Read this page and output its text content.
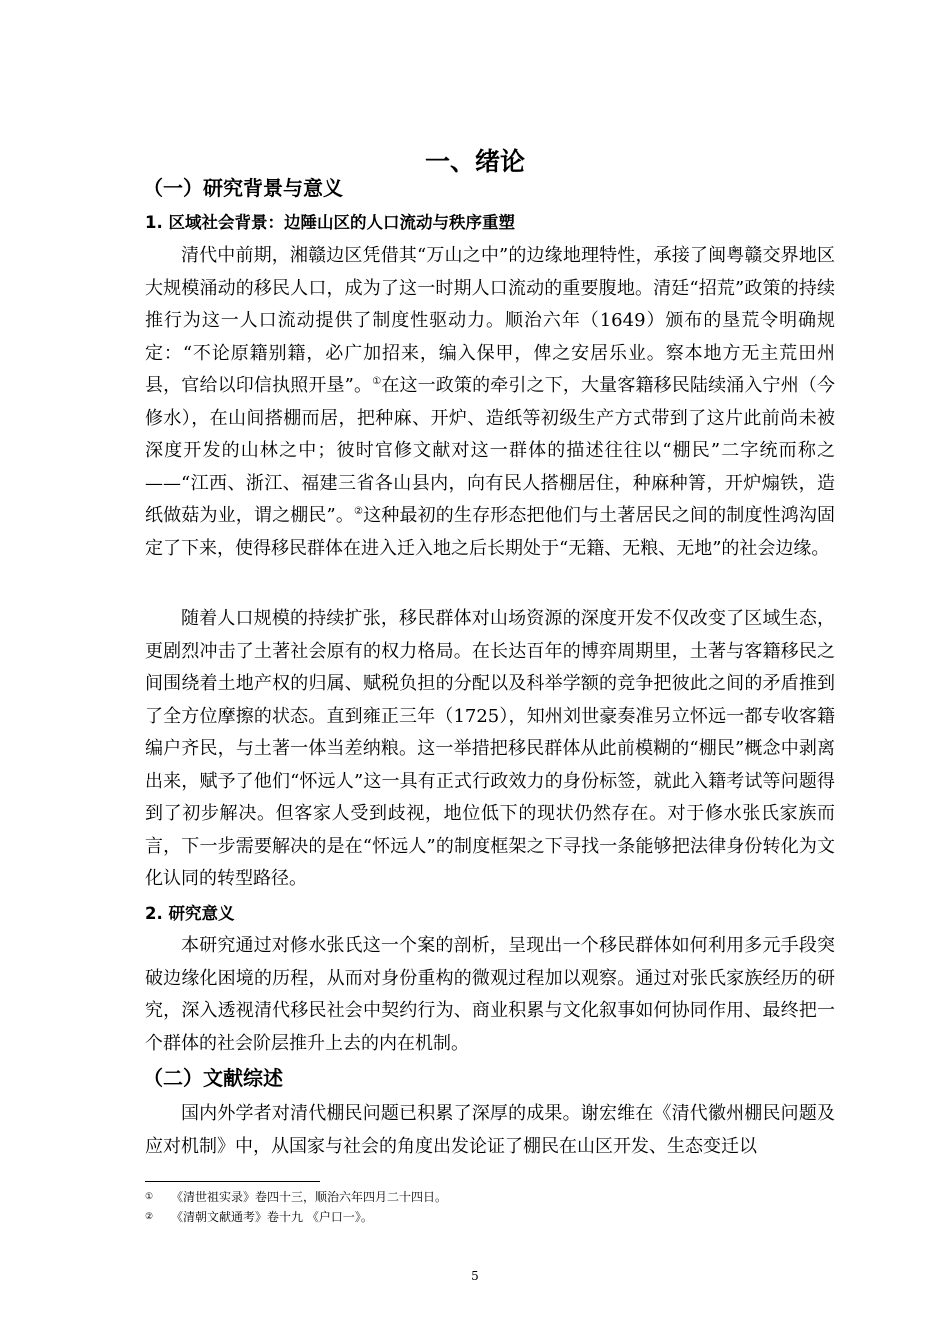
一、绪论
（一）研究背景与意义
1. 区域社会背景：边陲山区的人口流动与秩序重塑

清代中前期，湘赣边区凭借其“万山之中”的边缘地理特性，承接了闽粤赣交界地区大规模涌动的移民人口，成为了这一时期人口流动的重要腹地。清廷“招荒”政策的持续推行为这一人口流动提供了制度性驱动力。顺治六年（1649）颁布的垦荒令明确规定：“不论原籍别籍，必广加招来，编入保甲，俾之安居乐业。察本地方无主荒田州县，官给以印信执照开垦”。①在这一政策的牵引之下，大量客籍移民陆续涌入宁州（今修水），在山间搭棚而居，把种麻、开炉、造纸等初级生产方式带到了这片此前尚未被深度开发的山林之中；彼时官修文献对这一群体的描述往往以“棚民”二字统而称之——“江西、浙江、福建三省各山县内，向有民人搭棚居住，种麻种箐，开炉煽铁，造纸做菇为业，谓之棚民”。②这种最初的生存形态把他们与土著居民之间的制度性鸿沟固定了下来，使得移民群体在进入迁入地之后长期处于“无籍、无粮、无地”的社会边缘。

随着人口规模的持续扩张，移民群体对山场资源的深度开发不仅改变了区域生态，更剧烈冲击了土著社会原有的权力格局。在长达百年的博弈周期里，土著与客籍移民之间围绕着土地产权的归属、赋税负担的分配以及科举学额的竞争把彼此之间的矛盾推到了全方位摩擦的状态。直到雍正三年（1725），知州刘世豪奏准另立怀远一都专收客籍编户齐民，与土著一体当差纳粮。这一举措把移民群体从此前模糊的“棚民”概念中剥离出来，赋予了他们“怀远人”这一具有正式行政效力的身份标签，就此入籍考试等问题得到了初步解决。但客家人受到歧视，地位低下的现状仍然存在。对于修水张氏家族而言，下一步需要解决的是在“怀远人”的制度框架之下寻找一条能够把法律身份转化为文化认同的转型路径。

2. 研究意义

本研究通过对修水张氏这一个案的剖析，呈现出一个移民群体如何利用多元手段突破边缘化困境的历程，从而对身份重构的微观过程加以观察。通过对张氏家族经历的研究，深入透视清代移民社会中契约行为、商业积累与文化叙事如何协同作用、最终把一个群体的社会阶层推升上去的内在机制。

（二）文献综述

国内外学者对清代棚民问题已积累了深厚的成果。谢宏维在《清代徽州棚民问题及应对机制》中，从国家与社会的角度出发论证了棚民在山区开发、生态变迁以

① 《清世祖实录》卷四十三，顺治六年四月二十四日。
② 《清朝文献通考》卷十九 《户口一》。
5
